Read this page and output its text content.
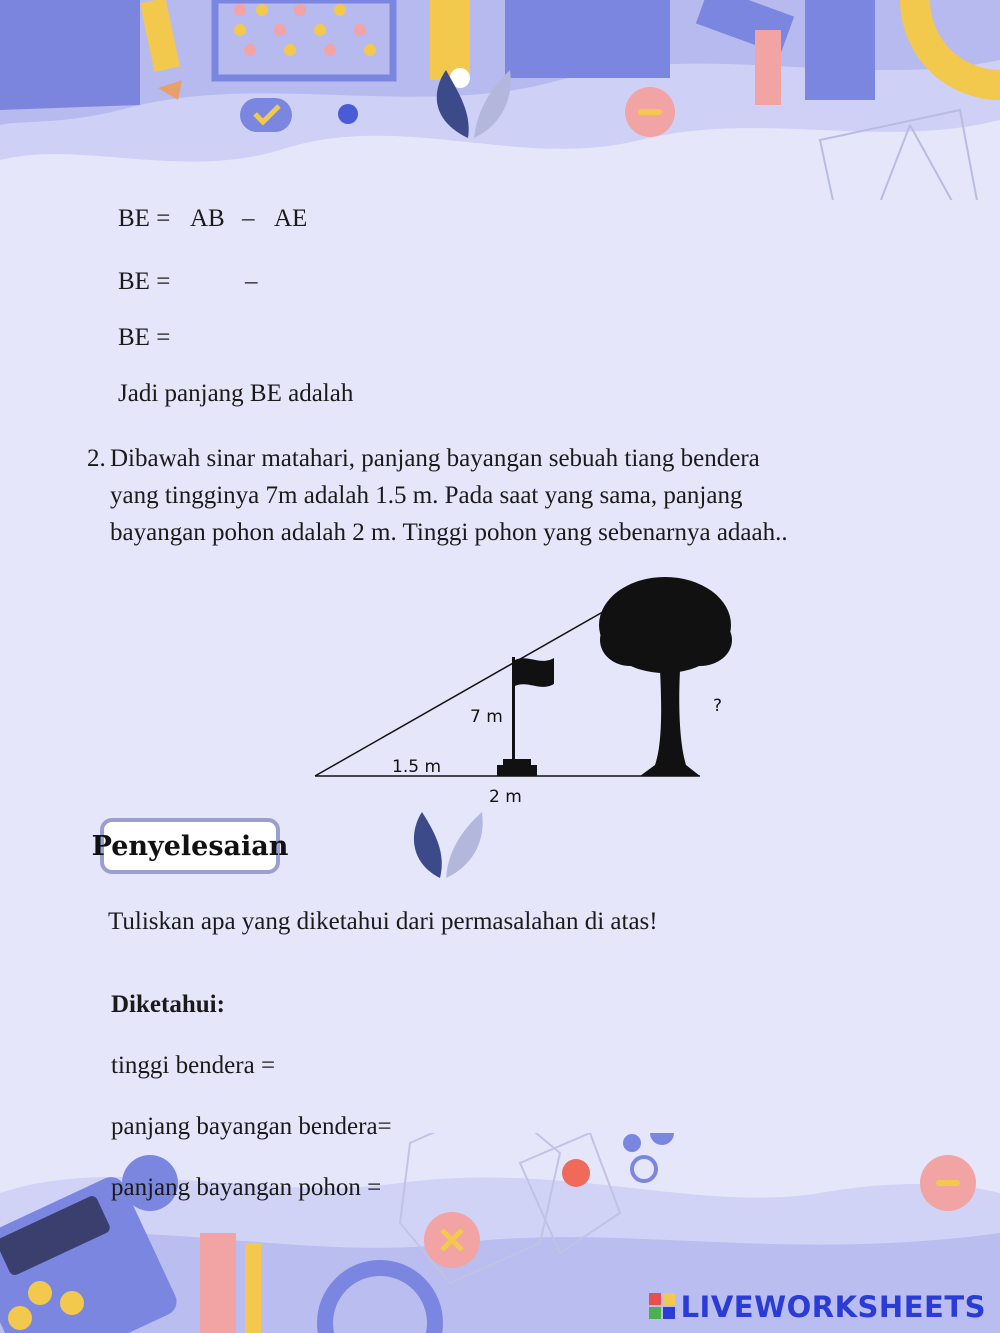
BE = AB – AE
BE =	–
BE =
Jadi panjang BE adalah
2. Dibawah sinar matahari, panjang bayangan sebuah tiang bendera
yang tingginya 7m adalah 1.5 m. Pada saat yang sama, panjang
bayangan pohon adalah 2 m. Tinggi pohon yang sebenarnya adaah..
7 m
1.5 m
2 m
?
Penyelesaian
Tuliskan apa yang diketahui dari permasalahan di atas!
Diketahui:
tinggi bendera =
panjang bayangan bendera=
panjang bayangan pohon =
LIVEWORKSHEETS
